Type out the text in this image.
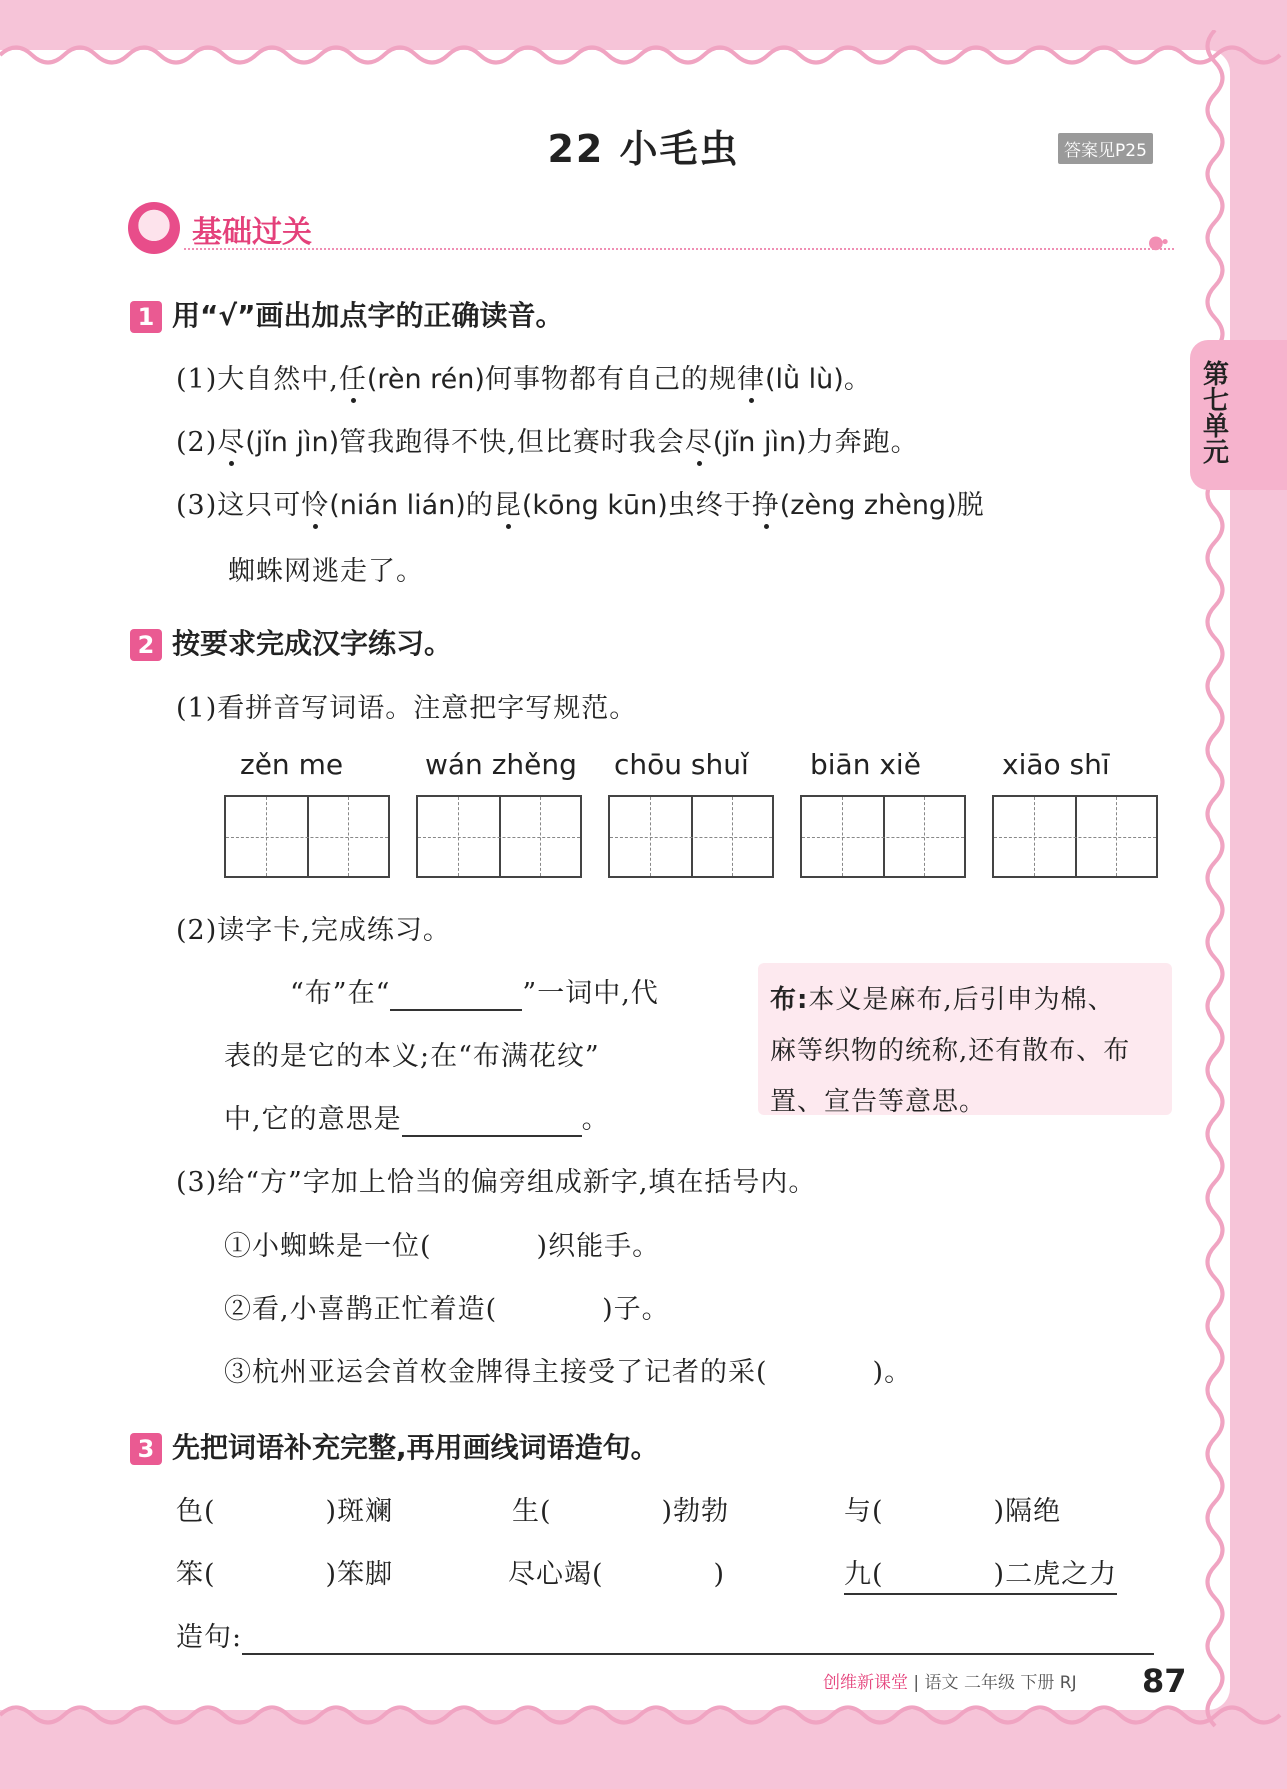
22 小毛虫	答案见P25
基础过关	●•
第七单元
1 用“√”画出加点字的正确读音。
(1)大自然中,任(rèn rén)何事物都有自己的规律(lǜ lù)。
(2)尽(jǐn jìn)管我跑得不快,但比赛时我会尽(jǐn jìn)力奔跑。
(3)这只可怜(nián lián)的昆(kōng kūn)虫终于挣(zèng zhèng)脱
蜘蛛网逃走了。
2 按要求完成汉字练习。
(1)看拼音写词语。注意把字写规范。
zěn me	wán zhěng chōu shuǐ biān xiě	xiāo shī
(2)读字卡,完成练习。
“布”在“	”一词中,代
表的是它的本义;在“布满花纹”
中,它的意思是	。
布:本义是麻布,后引申为棉、
麻等织物的统称,还有散布、布
置、宣告等意思。
(3)给“方”字加上恰当的偏旁组成新字,填在括号内。
①小蜘蛛是一位(	)织能手。
②看,小喜鹊正忙着造(	)子。
③杭州亚运会首枚金牌得主接受了记者的采(	)。
3 先把词语补充完整,再用画线词语造句。
色(	)斑斓	生(	)勃勃	与(	)隔绝
笨(	)笨脚	尽心竭(	)	九(	)二虎之力
造句:
创维新课堂 | 语文 二年级 下册 RJ 87
